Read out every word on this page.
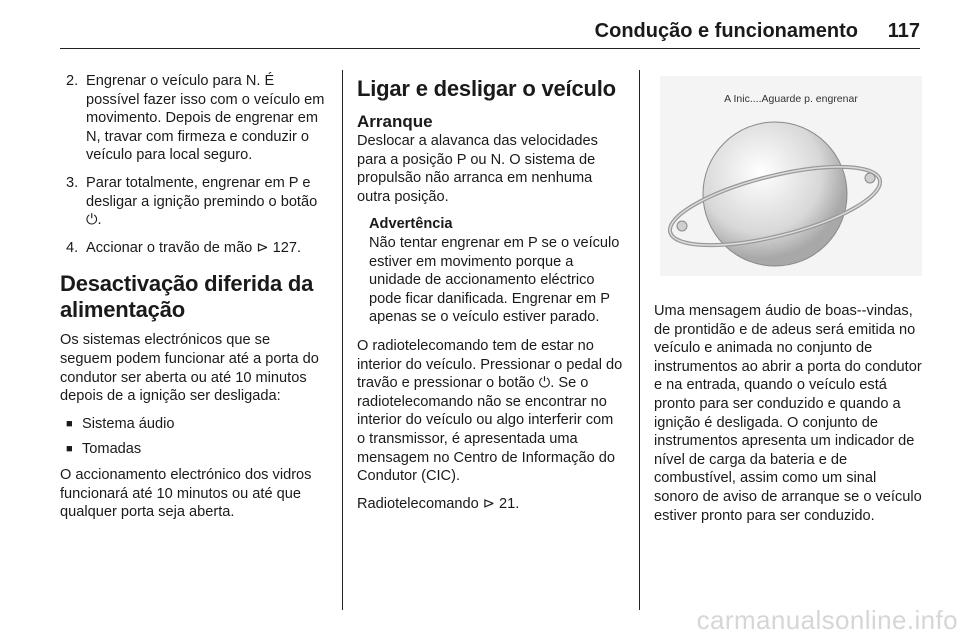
Condução e funcionamento 117
2. Engrenar o veículo para N. É possível fazer isso com o veículo em movimento. Depois de engrenar em N, travar com firmeza e conduzir o veículo para local seguro.
3. Parar totalmente, engrenar em P e desligar a ignição premindo o botão ⏻.
4. Accionar o travão de mão ⊳ 127.
Desactivação diferida da alimentação

Os sistemas electrónicos que se seguem podem funcionar até a porta do condutor ser aberta ou até 10 minutos depois de a ignição ser desligada:

■ Sistema áudio
■ Tomadas

O accionamento electrónico dos vidros funcionará até 10 minutos ou até que qualquer porta seja aberta.

Ligar e desligar o veículo
Arranque

Deslocar a alavanca das velocidades para a posição P ou N. O sistema de propulsão não arranca em nenhuma outra posição.

Advertência
Não tentar engrenar em P se o veículo estiver em movimento porque a unidade de accionamento eléctrico pode ficar danificada. Engrenar em P apenas se o veículo estiver parado.

O radiotelecomando tem de estar no interior do veículo. Pressionar o pedal do travão e pressionar o botão ⏻. Se o radiotelecomando não se encontrar no interior do veículo ou algo interferir com o transmissor, é apresentada uma mensagem no Centro de Informação do Condutor (CIC).

Radiotelecomando ⊳ 21.

A Inic....Aguarde p. engrenar

Uma mensagem áudio de boas--vindas, de prontidão e de adeus será emitida no veículo e animada no conjunto de instrumentos ao abrir a porta do condutor e na entrada, quando o veículo está pronto para ser conduzido e quando a ignição é desligada. O conjunto de instrumentos apresenta um indicador de nível de carga da bateria e de combustível, assim como um sinal sonoro de aviso de arranque se o veículo estiver pronto para ser conduzido.

carmanualsonline.info
